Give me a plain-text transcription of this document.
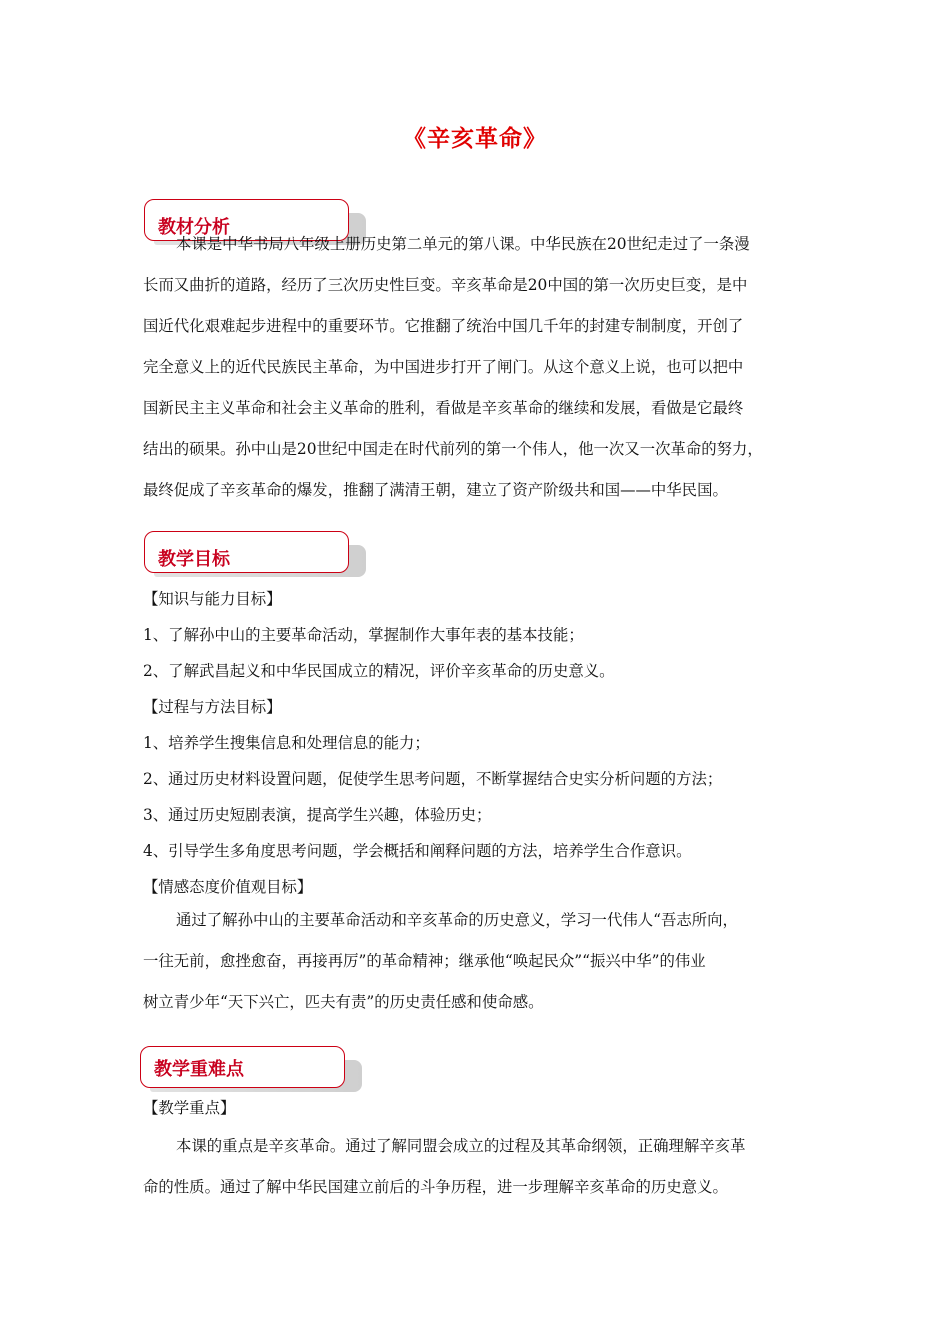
《辛亥革命》
教材分析
本课是中华书局八年级上册历史第二单元的第八课。中华民族在20世纪走过了一条漫
长而又曲折的道路，经历了三次历史性巨变。辛亥革命是20中国的第一次历史巨变，是中
国近代化艰难起步进程中的重要环节。它推翻了统治中国几千年的封建专制制度，开创了
完全意义上的近代民族民主革命，为中国进步打开了闸门。从这个意义上说，也可以把中
国新民主主义革命和社会主义革命的胜利，看做是辛亥革命的继续和发展，看做是它最终
结出的硕果。孙中山是20世纪中国走在时代前列的第一个伟人，他一次又一次革命的努力，
最终促成了辛亥革命的爆发，推翻了满清王朝，建立了资产阶级共和国——中华民国。
教学目标
【知识与能力目标】
1、了解孙中山的主要革命活动，掌握制作大事年表的基本技能；
2、了解武昌起义和中华民国成立的精况，评价辛亥革命的历史意义。
【过程与方法目标】
1、培养学生搜集信息和处理信息的能力；
2、通过历史材料设置问题，促使学生思考问题，不断掌握结合史实分析问题的方法；
3、通过历史短剧表演，提高学生兴趣，体验历史；
4、引导学生多角度思考问题，学会概括和阐释问题的方法，培养学生合作意识。
【情感态度价值观目标】
通过了解孙中山的主要革命活动和辛亥革命的历史意义，学习一代伟人“吾志所向，
一往无前，愈挫愈奋，再接再厉”的革命精神；继承他“唤起民众”“振兴中华”的伟业
树立青少年“天下兴亡，匹夫有责”的历史责任感和使命感。
教学重难点
【教学重点】
本课的重点是辛亥革命。通过了解同盟会成立的过程及其革命纲领，正确理解辛亥革
命的性质。通过了解中华民国建立前后的斗争历程，进一步理解辛亥革命的历史意义。
